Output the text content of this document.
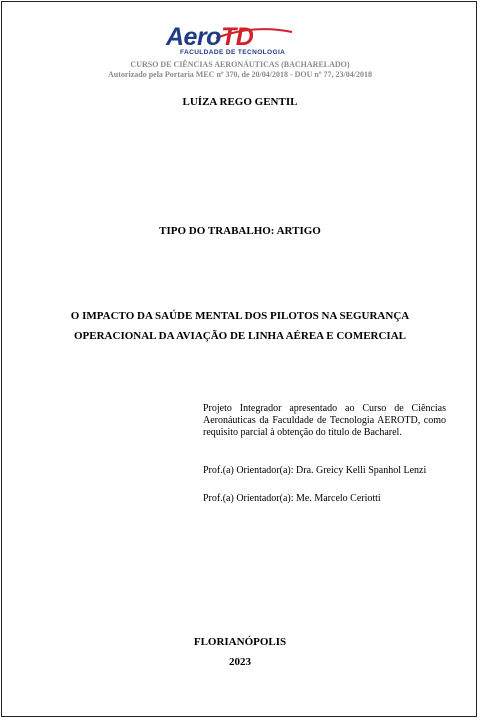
AeroTD
FACULDADE DE TECNOLOGIA
CURSO DE CIÊNCIAS AERONÁUTICAS (BACHARELADO)
Autorizado pela Portaria MEC nº 370, de 20/04/2018 - DOU nº 77, 23/04/2018
LUÍZA REGO GENTIL
TIPO DO TRABALHO: ARTIGO
O IMPACTO DA SAÚDE MENTAL DOS PILOTOS NA SEGURANÇA
OPERACIONAL DA AVIAÇÃO DE LINHA AÉREA E COMERCIAL
Projeto Integrador apresentado ao Curso de Ciências Aeronáuticas da Faculdade de Tecnologia AEROTD, como requisito parcial à obtenção do título de Bacharel.
Prof.(a) Orientador(a): Dra. Greicy Kelli Spanhol Lenzi
Prof.(a) Orientador(a): Me. Marcelo Ceriotti
FLORIANÓPOLIS
2023
